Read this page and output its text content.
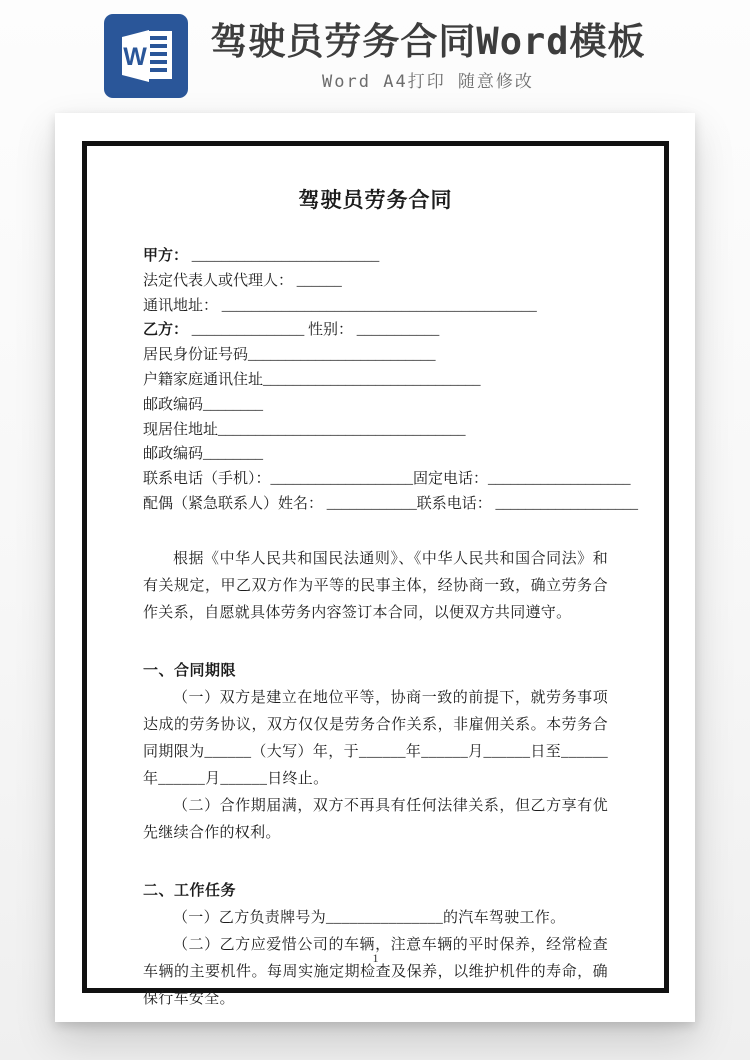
W 驾驶员劳务合同Word模板
Word A4打印 随意修改
驾驶员劳务合同
甲方： _________________________
法定代表人或代理人： ______
通讯地址： __________________________________________
乙方： _______________ 性别： ___________
居民身份证号码_________________________
户籍家庭通讯住址_____________________________
邮政编码________
现居住地址_________________________________
邮政编码________
联系电话（手机）：___________________固定电话：___________________
配偶（紧急联系人）姓名： ____________联系电话： ___________________

根据《中华人民共和国民法通则》、《中华人民共和国合同法》和有关规定，甲乙双方作为平等的民事主体，经协商一致，确立劳务合作关系，自愿就具体劳务内容签订本合同，以便双方共同遵守。

一、合同期限

（一）双方是建立在地位平等，协商一致的前提下，就劳务事项达成的劳务协议，双方仅仅是劳务合作关系，非雇佣关系。本劳务合同期限为______（大写）年，于______年______月______日至______年______月______日终止。

（二）合作期届满，双方不再具有任何法律关系，但乙方享有优先继续合作的权利。

二、工作任务

（一）乙方负责牌号为_______________的汽车驾驶工作。

（二）乙方应爱惜公司的车辆，注意车辆的平时保养，经常检查车辆的主要机件。每周实施定期检查及保养，以维护机件的寿命，确保行车安全。

1
